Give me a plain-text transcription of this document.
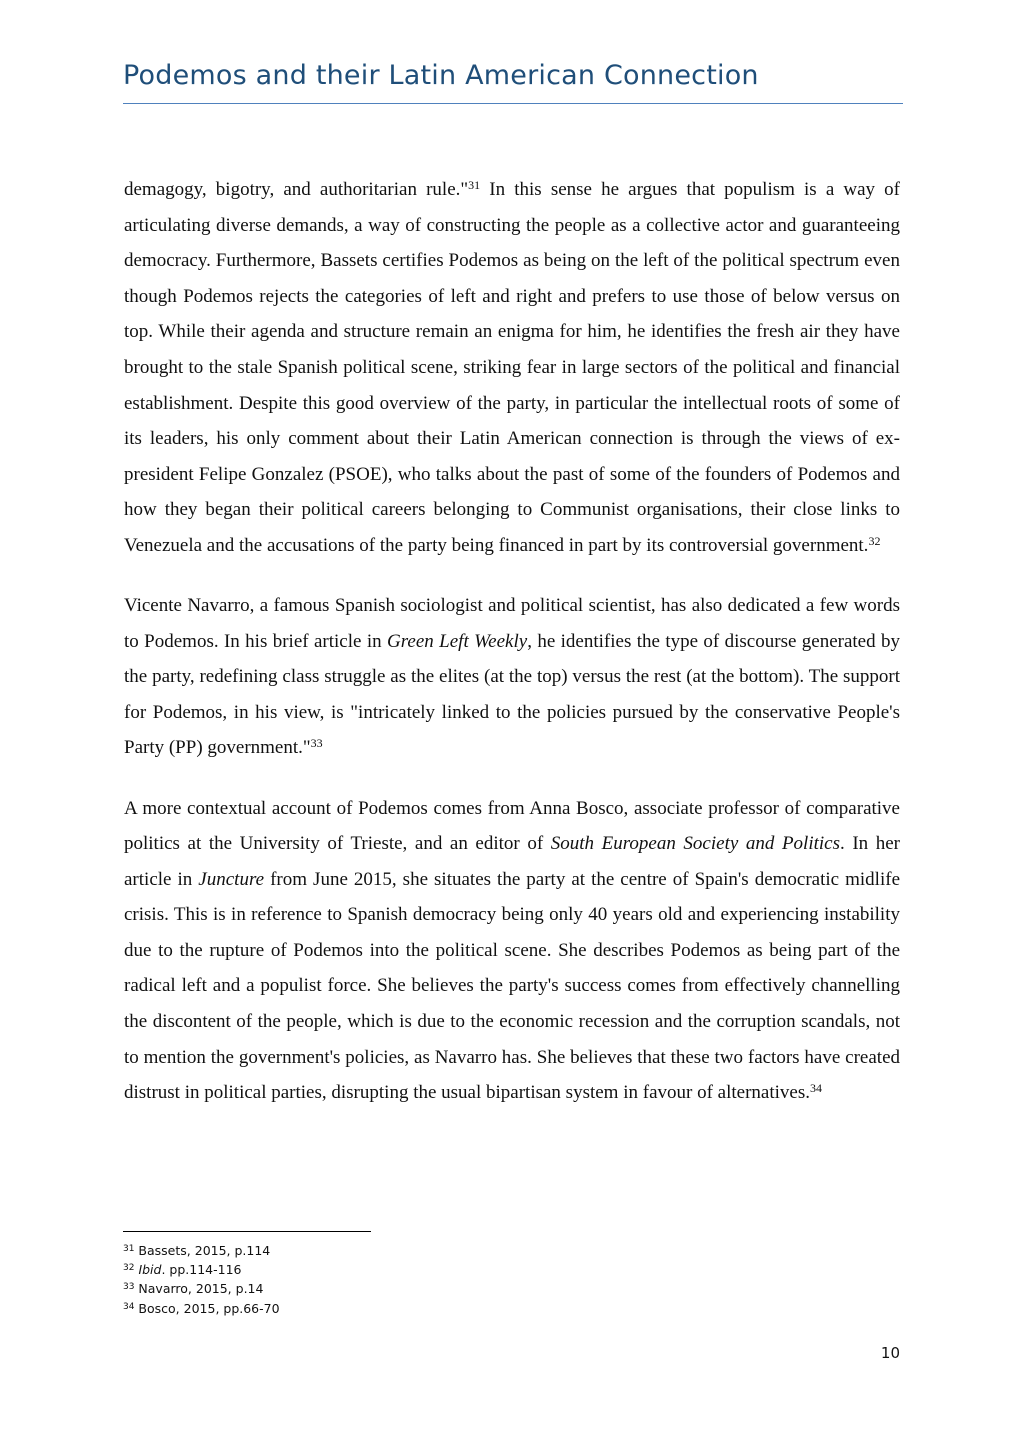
Podemos and their Latin American Connection

demagogy, bigotry, and authoritarian rule."$^{31}$ In this sense he argues that populism is a way of articulating diverse demands, a way of constructing the people as a collective actor and guaranteeing democracy. Furthermore, Bassets certifies Podemos as being on the left of the political spectrum even though Podemos rejects the categories of left and right and prefers to use those of below versus on top. While their agenda and structure remain an enigma for him, he identifies the fresh air they have brought to the stale Spanish political scene, striking fear in large sectors of the political and financial establishment. Despite this good overview of the party, in particular the intellectual roots of some of its leaders, his only comment about their Latin American connection is through the views of ex-president Felipe Gonzalez (PSOE), who talks about the past of some of the founders of Podemos and how they began their political careers belonging to Communist organisations, their close links to Venezuela and the accusations of the party being financed in part by its controversial government.$^{32}$

Vicente Navarro, a famous Spanish sociologist and political scientist, has also dedicated a few words to Podemos. In his brief article in Green Left Weekly, he identifies the type of discourse generated by the party, redefining class struggle as the elites (at the top) versus the rest (at the bottom). The support for Podemos, in his view, is "intricately linked to the policies pursued by the conservative People's Party (PP) government."$^{33}$

A more contextual account of Podemos comes from Anna Bosco, associate professor of comparative politics at the University of Trieste, and an editor of South European Society and Politics. In her article in Juncture from June 2015, she situates the party at the centre of Spain's democratic midlife crisis. This is in reference to Spanish democracy being only 40 years old and experiencing instability due to the rupture of Podemos into the political scene. She describes Podemos as being part of the radical left and a populist force. She believes the party's success comes from effectively channelling the discontent of the people, which is due to the economic recession and the corruption scandals, not to mention the government's policies, as Navarro has. She believes that these two factors have created distrust in political parties, disrupting the usual bipartisan system in favour of alternatives.$^{34}$

$^{31}$ Bassets, 2015, p.114
$^{32}$ Ibid. pp.114-116
$^{33}$ Navarro, 2015, p.14
$^{34}$ Bosco, 2015, pp.66-70
10
